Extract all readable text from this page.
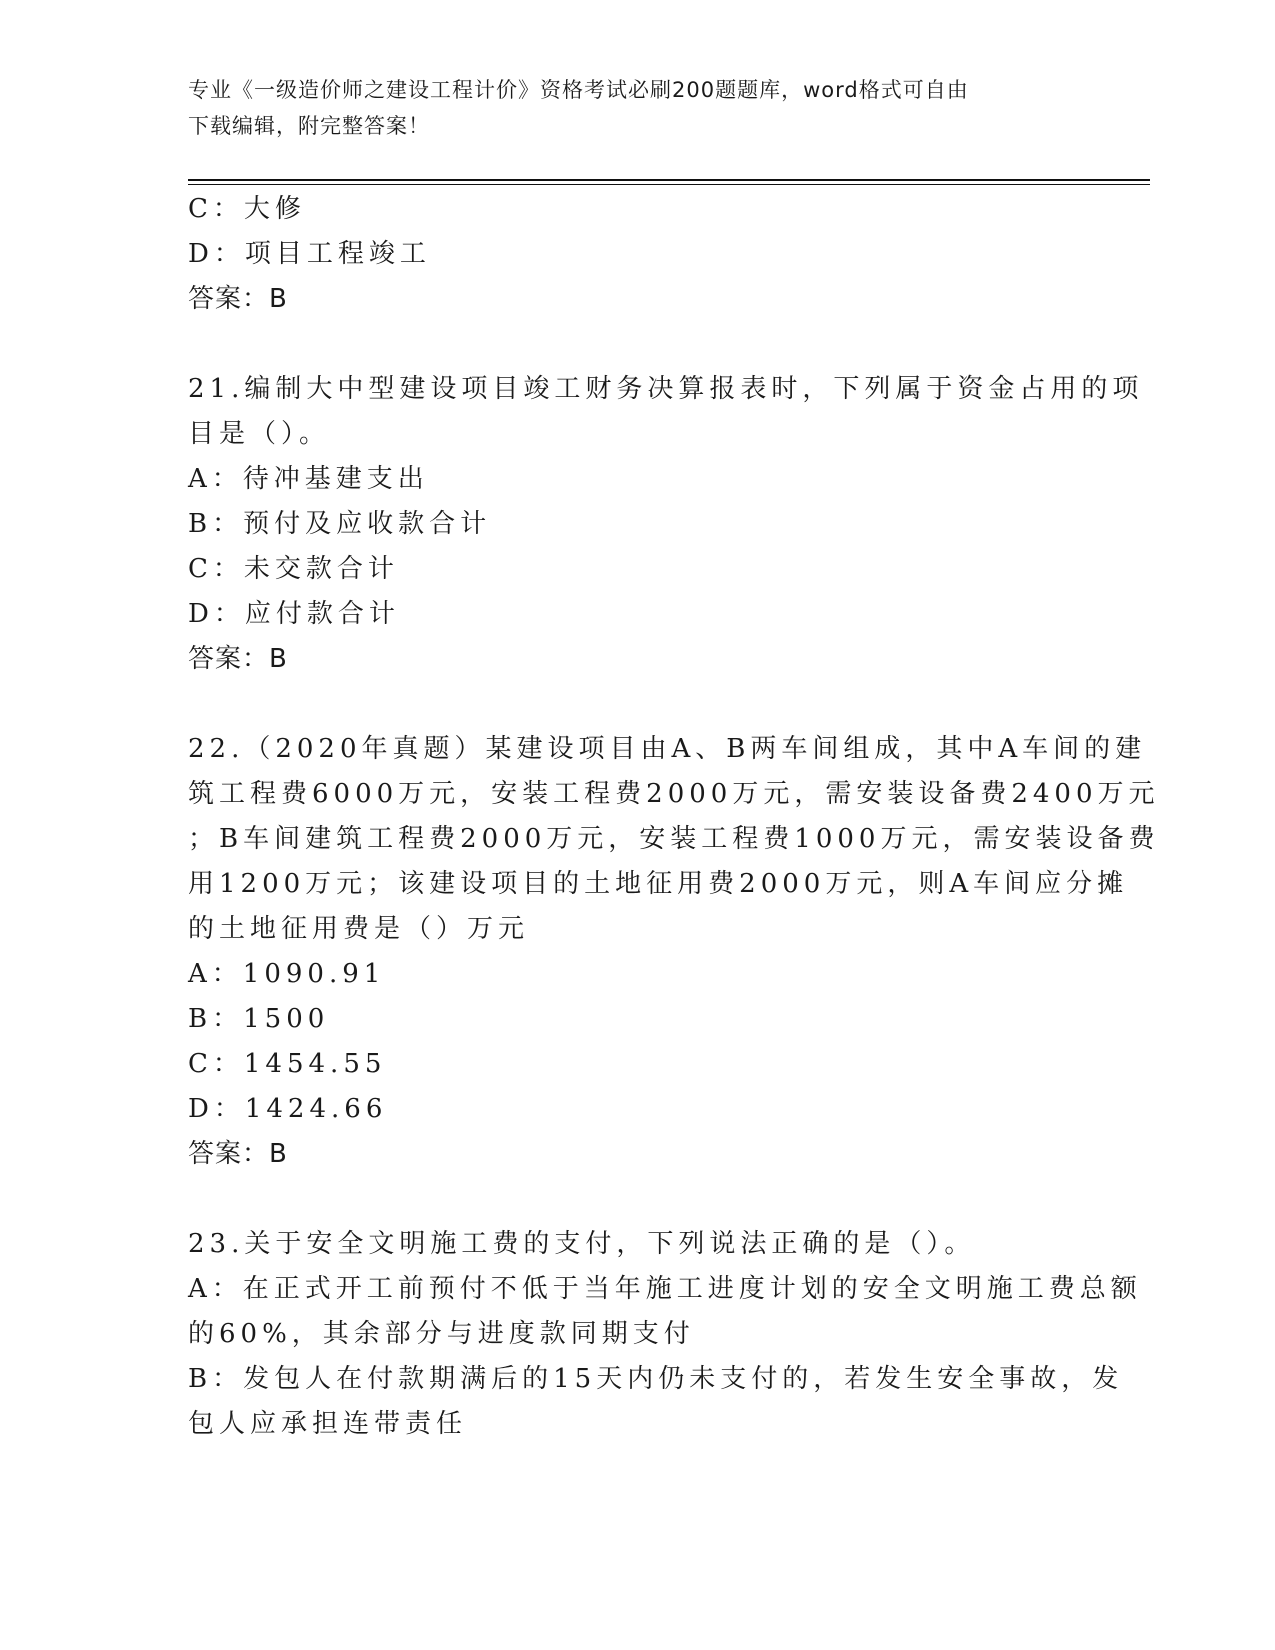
专业《一级造价师之建设工程计价》资格考试必刷200题题库，word格式可自由
下载编辑，附完整答案！
C：大修
D：项目工程竣工
答案：B
21.编制大中型建设项目竣工财务决算报表时，下列属于资金占用的项
目是（）。
A：待冲基建支出
B：预付及应收款合计
C：未交款合计
D：应付款合计
答案：B
22.（2020年真题）某建设项目由A、B两车间组成，其中A车间的建
筑工程费6000万元，安装工程费2000万元，需安装设备费2400万元
；B车间建筑工程费2000万元，安装工程费1000万元，需安装设备费
用1200万元；该建设项目的土地征用费2000万元，则A车间应分摊
的土地征用费是（）万元
A：1090.91
B：1500
C：1454.55
D：1424.66
答案：B
23.关于安全文明施工费的支付，下列说法正确的是（）。
A：在正式开工前预付不低于当年施工进度计划的安全文明施工费总额
的60%，其余部分与进度款同期支付
B：发包人在付款期满后的15天内仍未支付的，若发生安全事故，发
包人应承担连带责任
